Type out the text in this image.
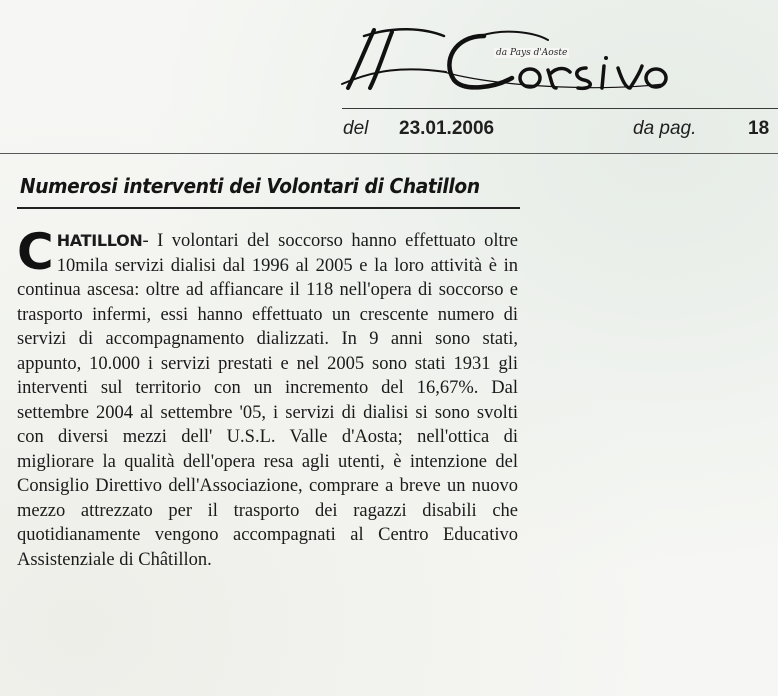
da Pays d'Aoste
del 23.01.2006	da pag.	18
Numerosi interventi dei Volontari di Chatillon
CHATILLON- I volontari del soccorso hanno effettuato oltre 10mila servizi dialisi dal 1996 al 2005 e la loro attività è in continua ascesa: oltre ad affiancare il 118 nell'opera di soccorso e trasporto infermi, essi hanno effettuato un crescente numero di servizi di accompagnamento dializzati. In 9 anni sono stati, appunto, 10.000 i servizi prestati e nel 2005 sono stati 1931 gli interventi sul territorio con un incremento del 16,67%. Dal settembre 2004 al settembre '05, i servizi di dialisi si sono svolti con diversi mezzi dell' U.S.L. Valle d'Aosta; nell'ottica di migliorare la qualità dell'opera resa agli utenti, è intenzione del Consiglio Direttivo dell'Associazione, comprare a breve un nuovo mezzo attrezzato per il trasporto dei ragazzi disabili che quotidianamente vengono accompagnati al Centro Educativo Assistenziale di Châtillon.
